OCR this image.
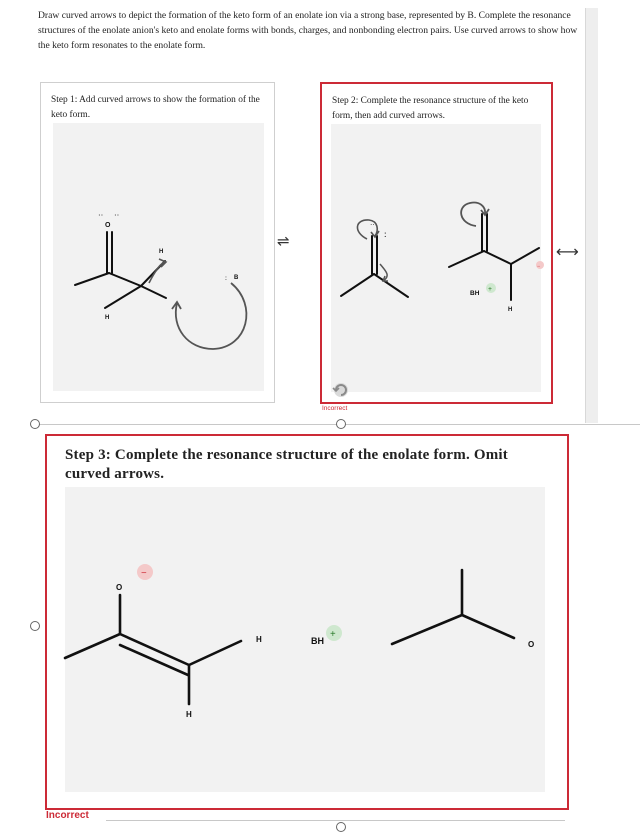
Draw curved arrows to depict the formation of the keto form of an enolate ion via a strong base, represented by B. Complete the resonance structures of the enolate anion's keto and enolate forms with bonds, charges, and nonbonding electron pairs. Use curved arrows to show how the keto form resonates to the enolate form.
Step 1: Add curved arrows to show the formation of the keto form.
O
·· ··
H
H
B
:
⇌
Step 2: Complete the resonance structure of the keto form, then add curved arrows.
··
:
+
BH
H
−
Incorrect
⟷
Step 3: Complete the resonance structure of the enolate form. Omit curved arrows.
O
−
H
H
BH
+
O
Incorrect
